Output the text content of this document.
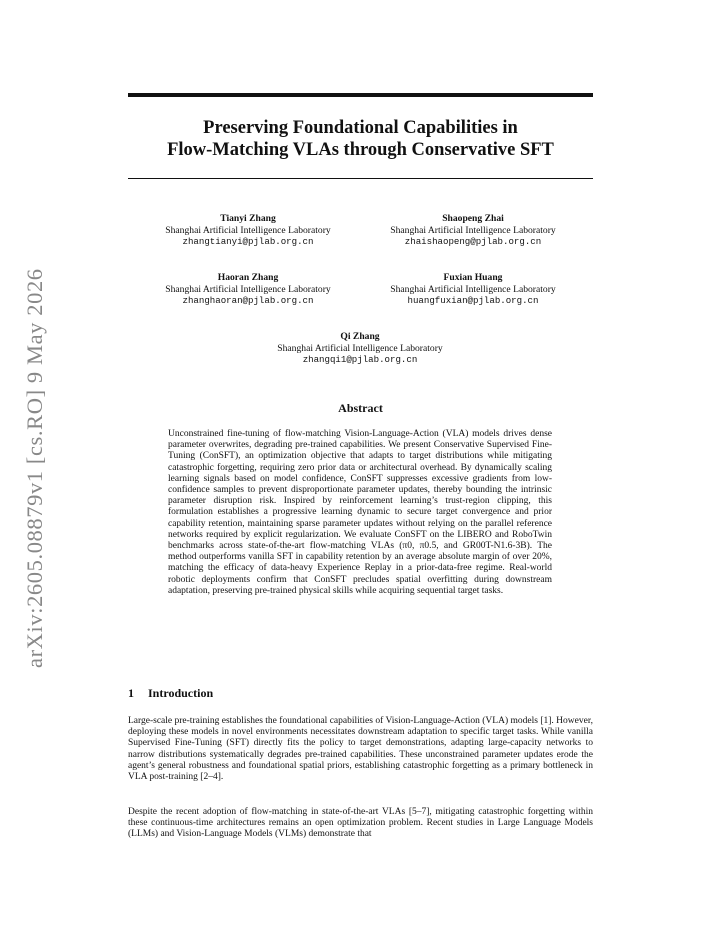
arXiv:2605.08879v1 [cs.RO] 9 May 2026
Preserving Foundational Capabilities in
Flow-Matching VLAs through Conservative SFT
Tianyi Zhang
Shanghai Artificial Intelligence Laboratory
zhangtianyi@pjlab.org.cn
Shaopeng Zhai
Shanghai Artificial Intelligence Laboratory
zhaishaopeng@pjlab.org.cn
Haoran Zhang
Shanghai Artificial Intelligence Laboratory
zhanghaoran@pjlab.org.cn
Fuxian Huang
Shanghai Artificial Intelligence Laboratory
huangfuxian@pjlab.org.cn
Qi Zhang
Shanghai Artificial Intelligence Laboratory
zhangqi1@pjlab.org.cn
Abstract
Unconstrained fine-tuning of flow-matching Vision-Language-Action (VLA) models drives dense parameter overwrites, degrading pre-trained capabilities. We present Conservative Supervised Fine-Tuning (ConSFT), an optimization objective that adapts to target distributions while mitigating catastrophic forgetting, requiring zero prior data or architectural overhead. By dynamically scaling learning signals based on model confidence, ConSFT suppresses excessive gradients from low-confidence samples to prevent disproportionate parameter updates, thereby bounding the intrinsic parameter disruption risk. Inspired by reinforcement learning’s trust-region clipping, this formulation establishes a progressive learning dynamic to secure target convergence and prior capability retention, maintaining sparse parameter updates without relying on the parallel reference networks required by explicit regularization. We evaluate ConSFT on the LIBERO and RoboTwin benchmarks across state-of-the-art flow-matching VLAs (π0, π0.5, and GR00T-N1.6-3B). The method outperforms vanilla SFT in capability retention by an average absolute margin of over 20%, matching the efficacy of data-heavy Experience Replay in a prior-data-free regime. Real-world robotic deployments confirm that ConSFT precludes spatial overfitting during downstream adaptation, preserving pre-trained physical skills while acquiring sequential target tasks.
1 Introduction
Large-scale pre-training establishes the foundational capabilities of Vision-Language-Action (VLA) models [1]. However, deploying these models in novel environments necessitates downstream adaptation to specific target tasks. While vanilla Supervised Fine-Tuning (SFT) directly fits the policy to target demonstrations, adapting large-capacity networks to narrow distributions systematically degrades pre-trained capabilities. These unconstrained parameter updates erode the agent’s general robustness and foundational spatial priors, establishing catastrophic forgetting as a primary bottleneck in VLA post-training [2–4].
Despite the recent adoption of flow-matching in state-of-the-art VLAs [5–7], mitigating catastrophic forgetting within these continuous-time architectures remains an open optimization problem. Recent studies in Large Language Models (LLMs) and Vision-Language Models (VLMs) demonstrate that
